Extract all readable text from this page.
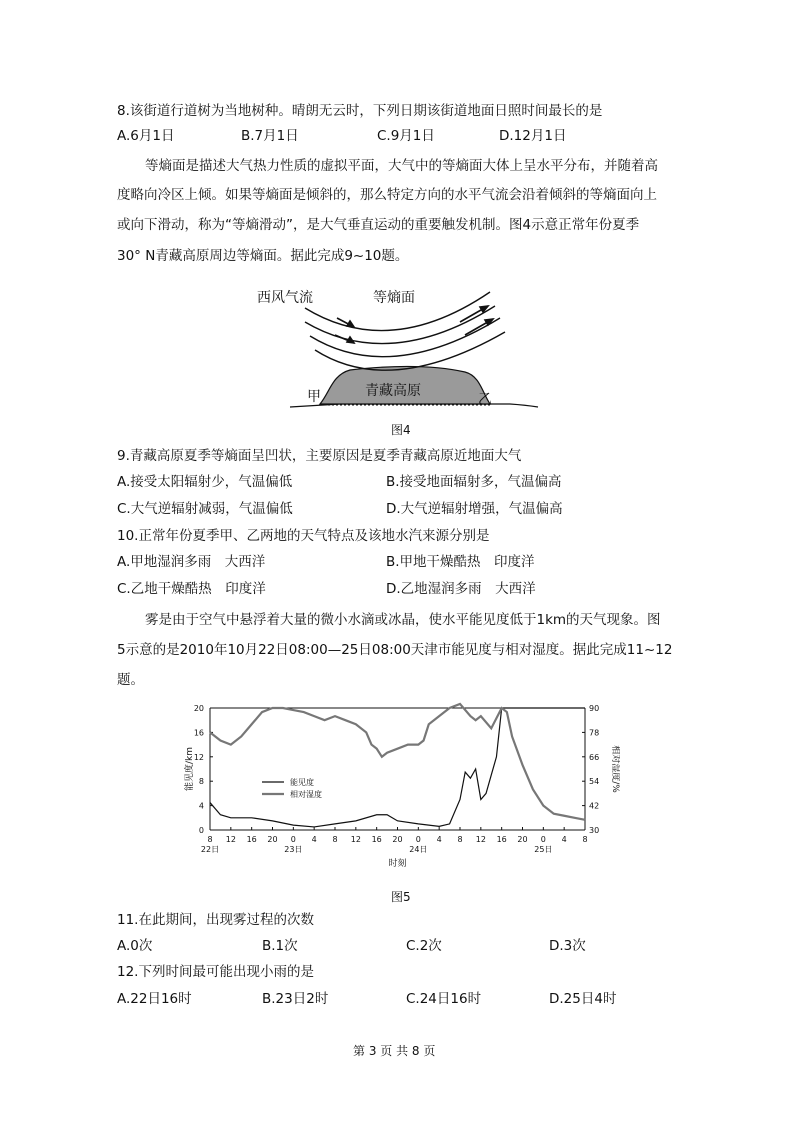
8.该街道行道树为当地树种。晴朗无云时，下列日期该街道地面日照时间最长的是
A.6月1日	B.7月1日	C.9月1日	D.12月1日
等熵面是描述大气热力性质的虚拟平面，大气中的等熵面大体上呈水平分布，并随着高
度略向冷区上倾。如果等熵面是倾斜的，那么特定方向的水平气流会沿着倾斜的等熵面向上
或向下滑动，称为“等熵滑动”，是大气垂直运动的重要触发机制。图4示意正常年份夏季
30° N青藏高原周边等熵面。据此完成9~10题。
西风气流	等熵面
青藏高原
甲	乙
图4
9.青藏高原夏季等熵面呈凹状，主要原因是夏季青藏高原近地面大气
A.接受太阳辐射少，气温偏低	B.接受地面辐射多，气温偏高
C.大气逆辐射减弱，气温偏低	D.大气逆辐射增强，气温偏高
10.正常年份夏季甲、乙两地的天气特点及该地水汽来源分别是
A.甲地湿润多雨　大西洋	B.甲地干燥酷热　印度洋
C.乙地干燥酷热　印度洋	D.乙地湿润多雨　大西洋
雾是由于空气中悬浮着大量的微小水滴或冰晶，使水平能见度低于1km的天气现象。图
5示意的是2010年10月22日08:00—25日08:00天津市能见度与相对湿度。据此完成11~12
题。
0
4
8
12
16
20
30
42
54
66
78
90
8 12 16 20 0 4 8 12 16 20 0 4 8 12 16 20 0 4 8
22日	23日	24日	25日
时刻
能见度/km	相对湿度/%
能见度
相对湿度
图5
11.在此期间，出现雾过程的次数
A.0次	B.1次	C.2次	D.3次
12.下列时间最可能出现小雨的是
A.22日16时	B.23日2时	C.24日16时	D.25日4时
第 3 页 共 8 页
